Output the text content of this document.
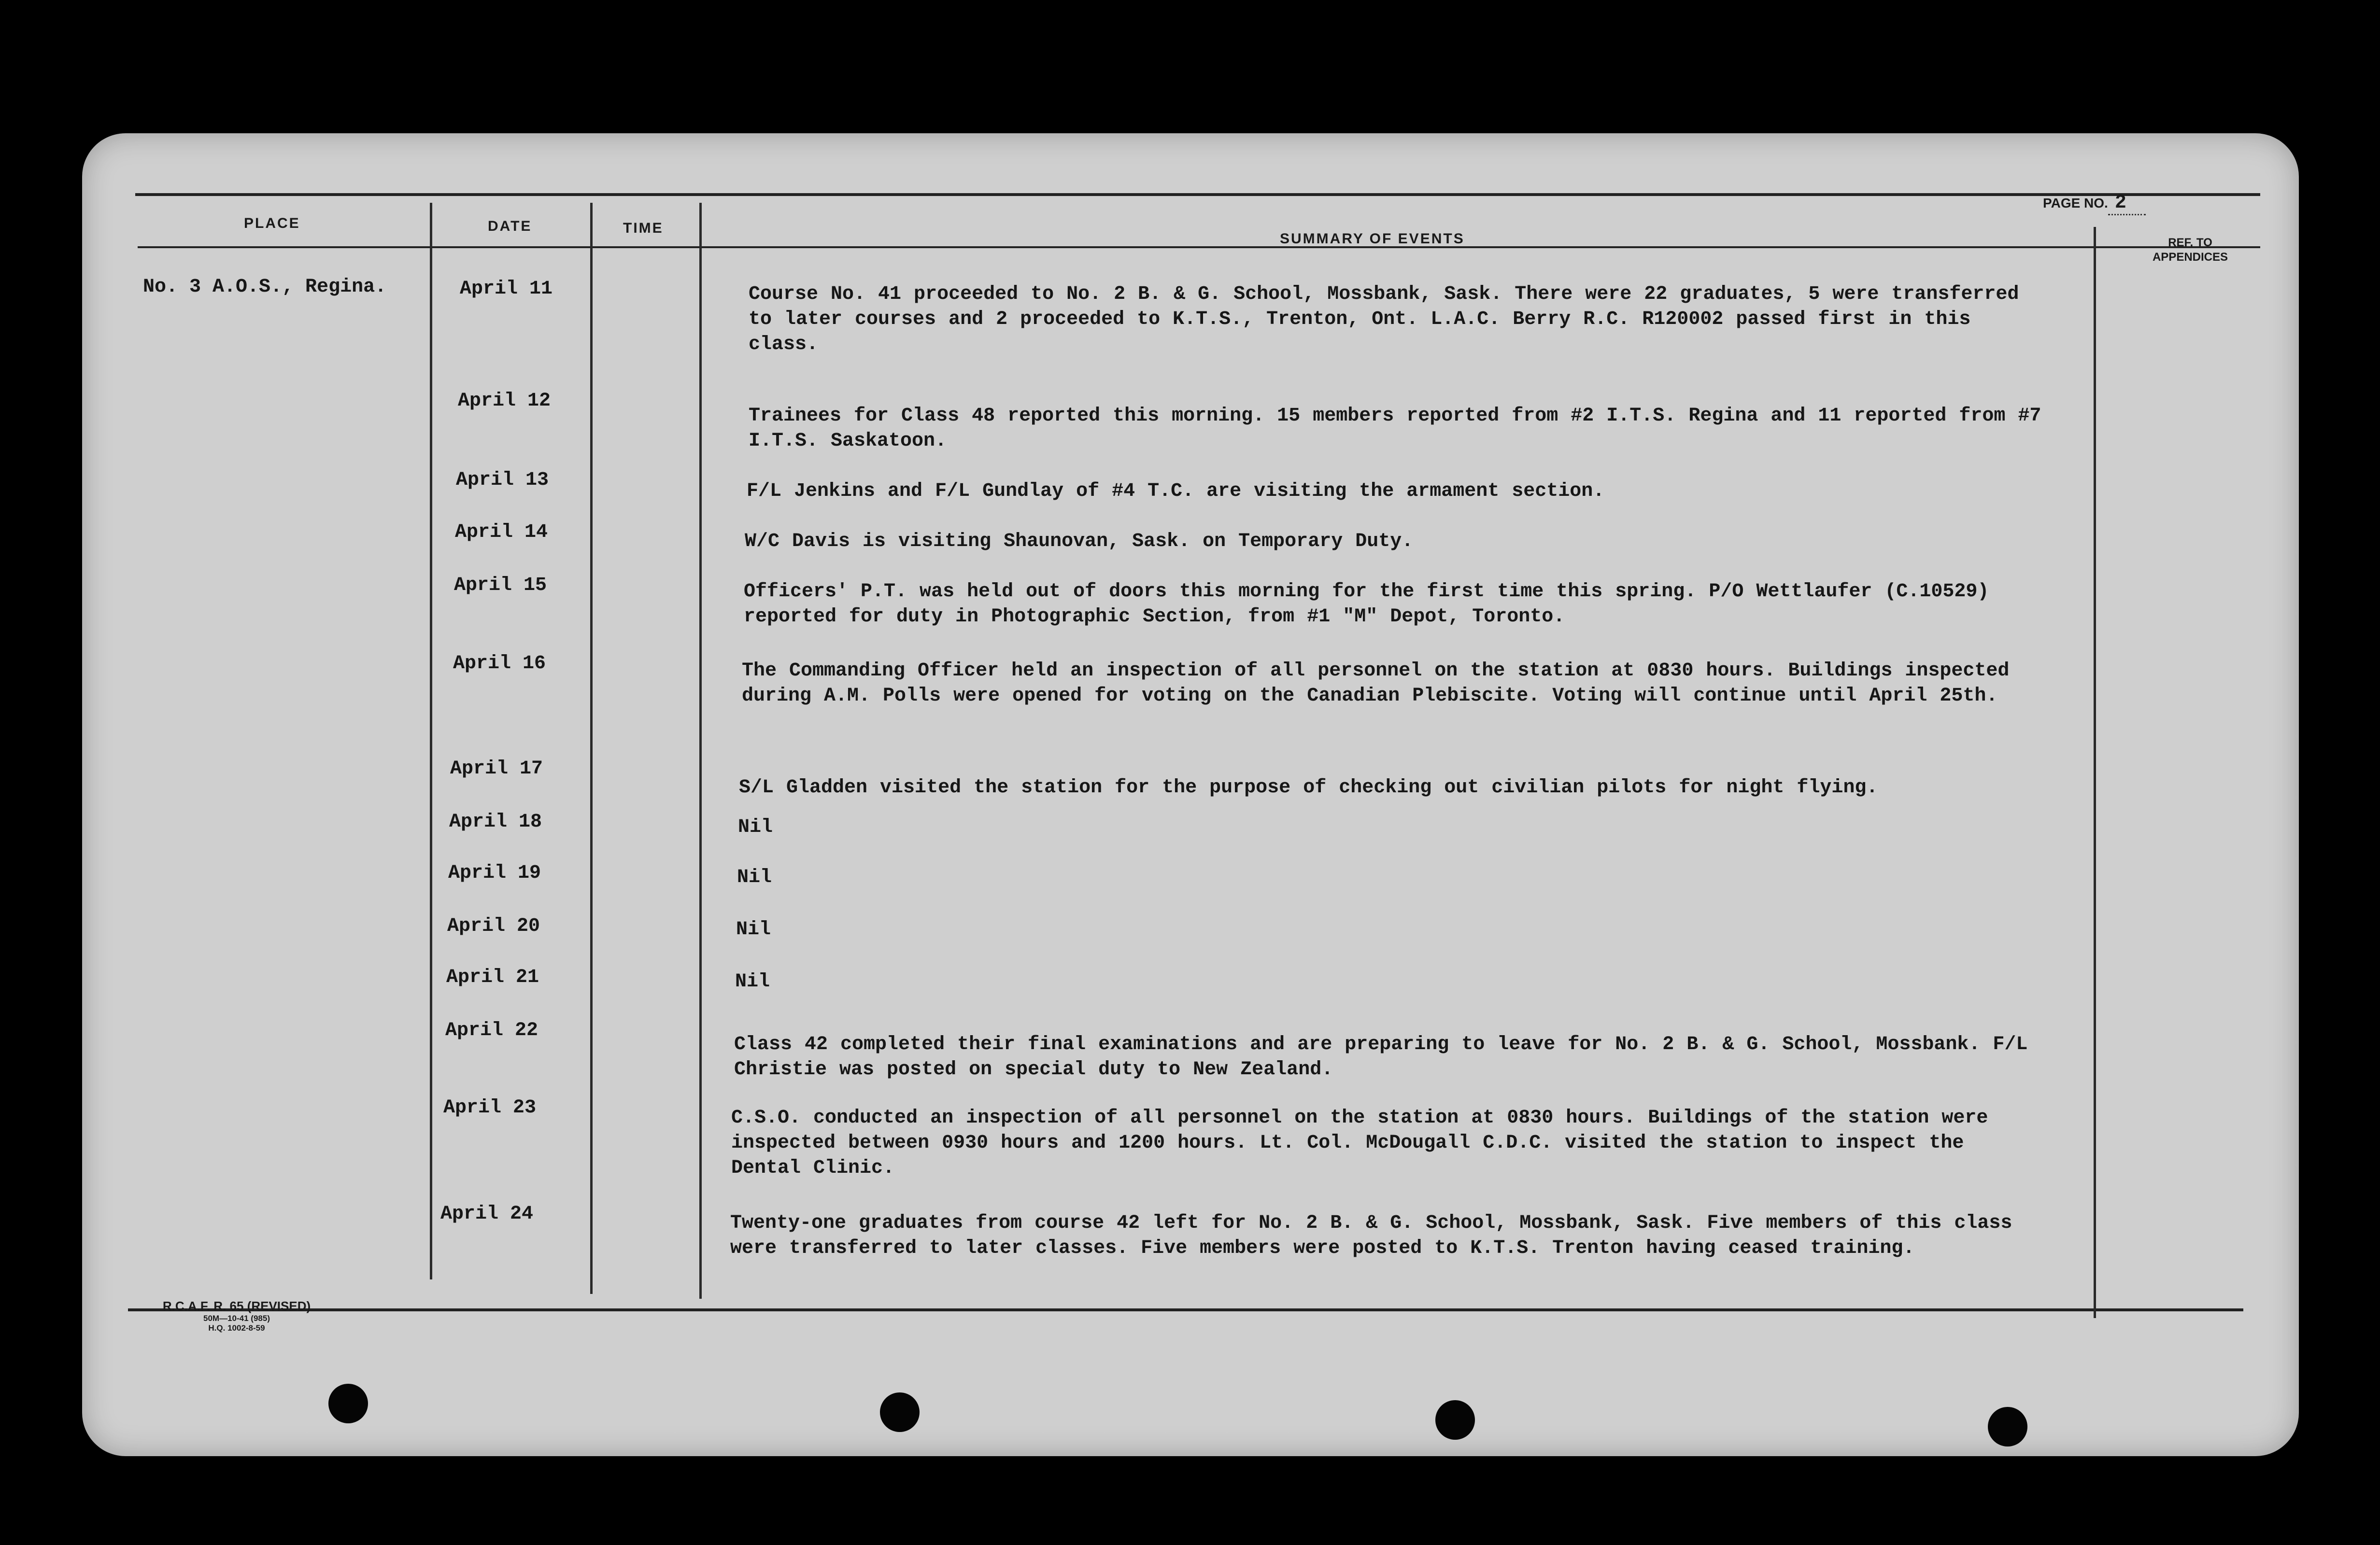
PLACE	DATE	TIME
SUMMARY OF EVENTS	REF. TO
APPENDICES
PAGE NO. 2
No. 3 A.O.S., Regina.	April 11	Course No. 41 proceeded to No. 2 B. & G. School, Mossbank, Sask. There were 22 graduates, 5 were transferred to later courses and 2 proceeded to K.T.S., Trenton, Ont. L.A.C. Berry R.C. R120002 passed first in this class.
April 12
Trainees for Class 48 reported this morning. 15 members reported from #2 I.T.S. Regina and 11 reported from #7 I.T.S. Saskatoon.
April 13
F/L Jenkins and F/L Gundlay of #4 T.C. are visiting the armament section.
April 14	W/C Davis is visiting Shaunovan, Sask. on Temporary Duty.
April 15	Officers' P.T. was held out of doors this morning for the first time this spring. P/O Wettlaufer (C.10529) reported for duty in Photographic Section, from #1 "M" Depot, Toronto.
April 16	The Commanding Officer held an inspection of all personnel on the station at 0830 hours. Buildings inspected during A.M. Polls were opened for voting on the Canadian Plebiscite. Voting will continue until April 25th.
April 17
S/L Gladden visited the station for the purpose of checking out civilian pilots for night flying.
April 18	Nil
April 19	Nil
April 20	Nil
April 21	Nil
April 22
Class 42 completed their final examinations and are preparing to leave for No. 2 B. & G. School, Mossbank. F/L Christie was posted on special duty to New Zealand.
April 23	C.S.O. conducted an inspection of all personnel on the station at 0830 hours. Buildings of the station were inspected between 0930 hours and 1200 hours. Lt. Col. McDougall C.D.C. visited the station to inspect the Dental Clinic.
April 24	Twenty-one graduates from course 42 left for No. 2 B. & G. School, Mossbank, Sask. Five members of this class were transferred to later classes. Five members were posted to K.T.S. Trenton having ceased training.
R.C.A.F. R. 65 (REVISED)
50M—10-41 (985)
H.Q. 1002-8-59
